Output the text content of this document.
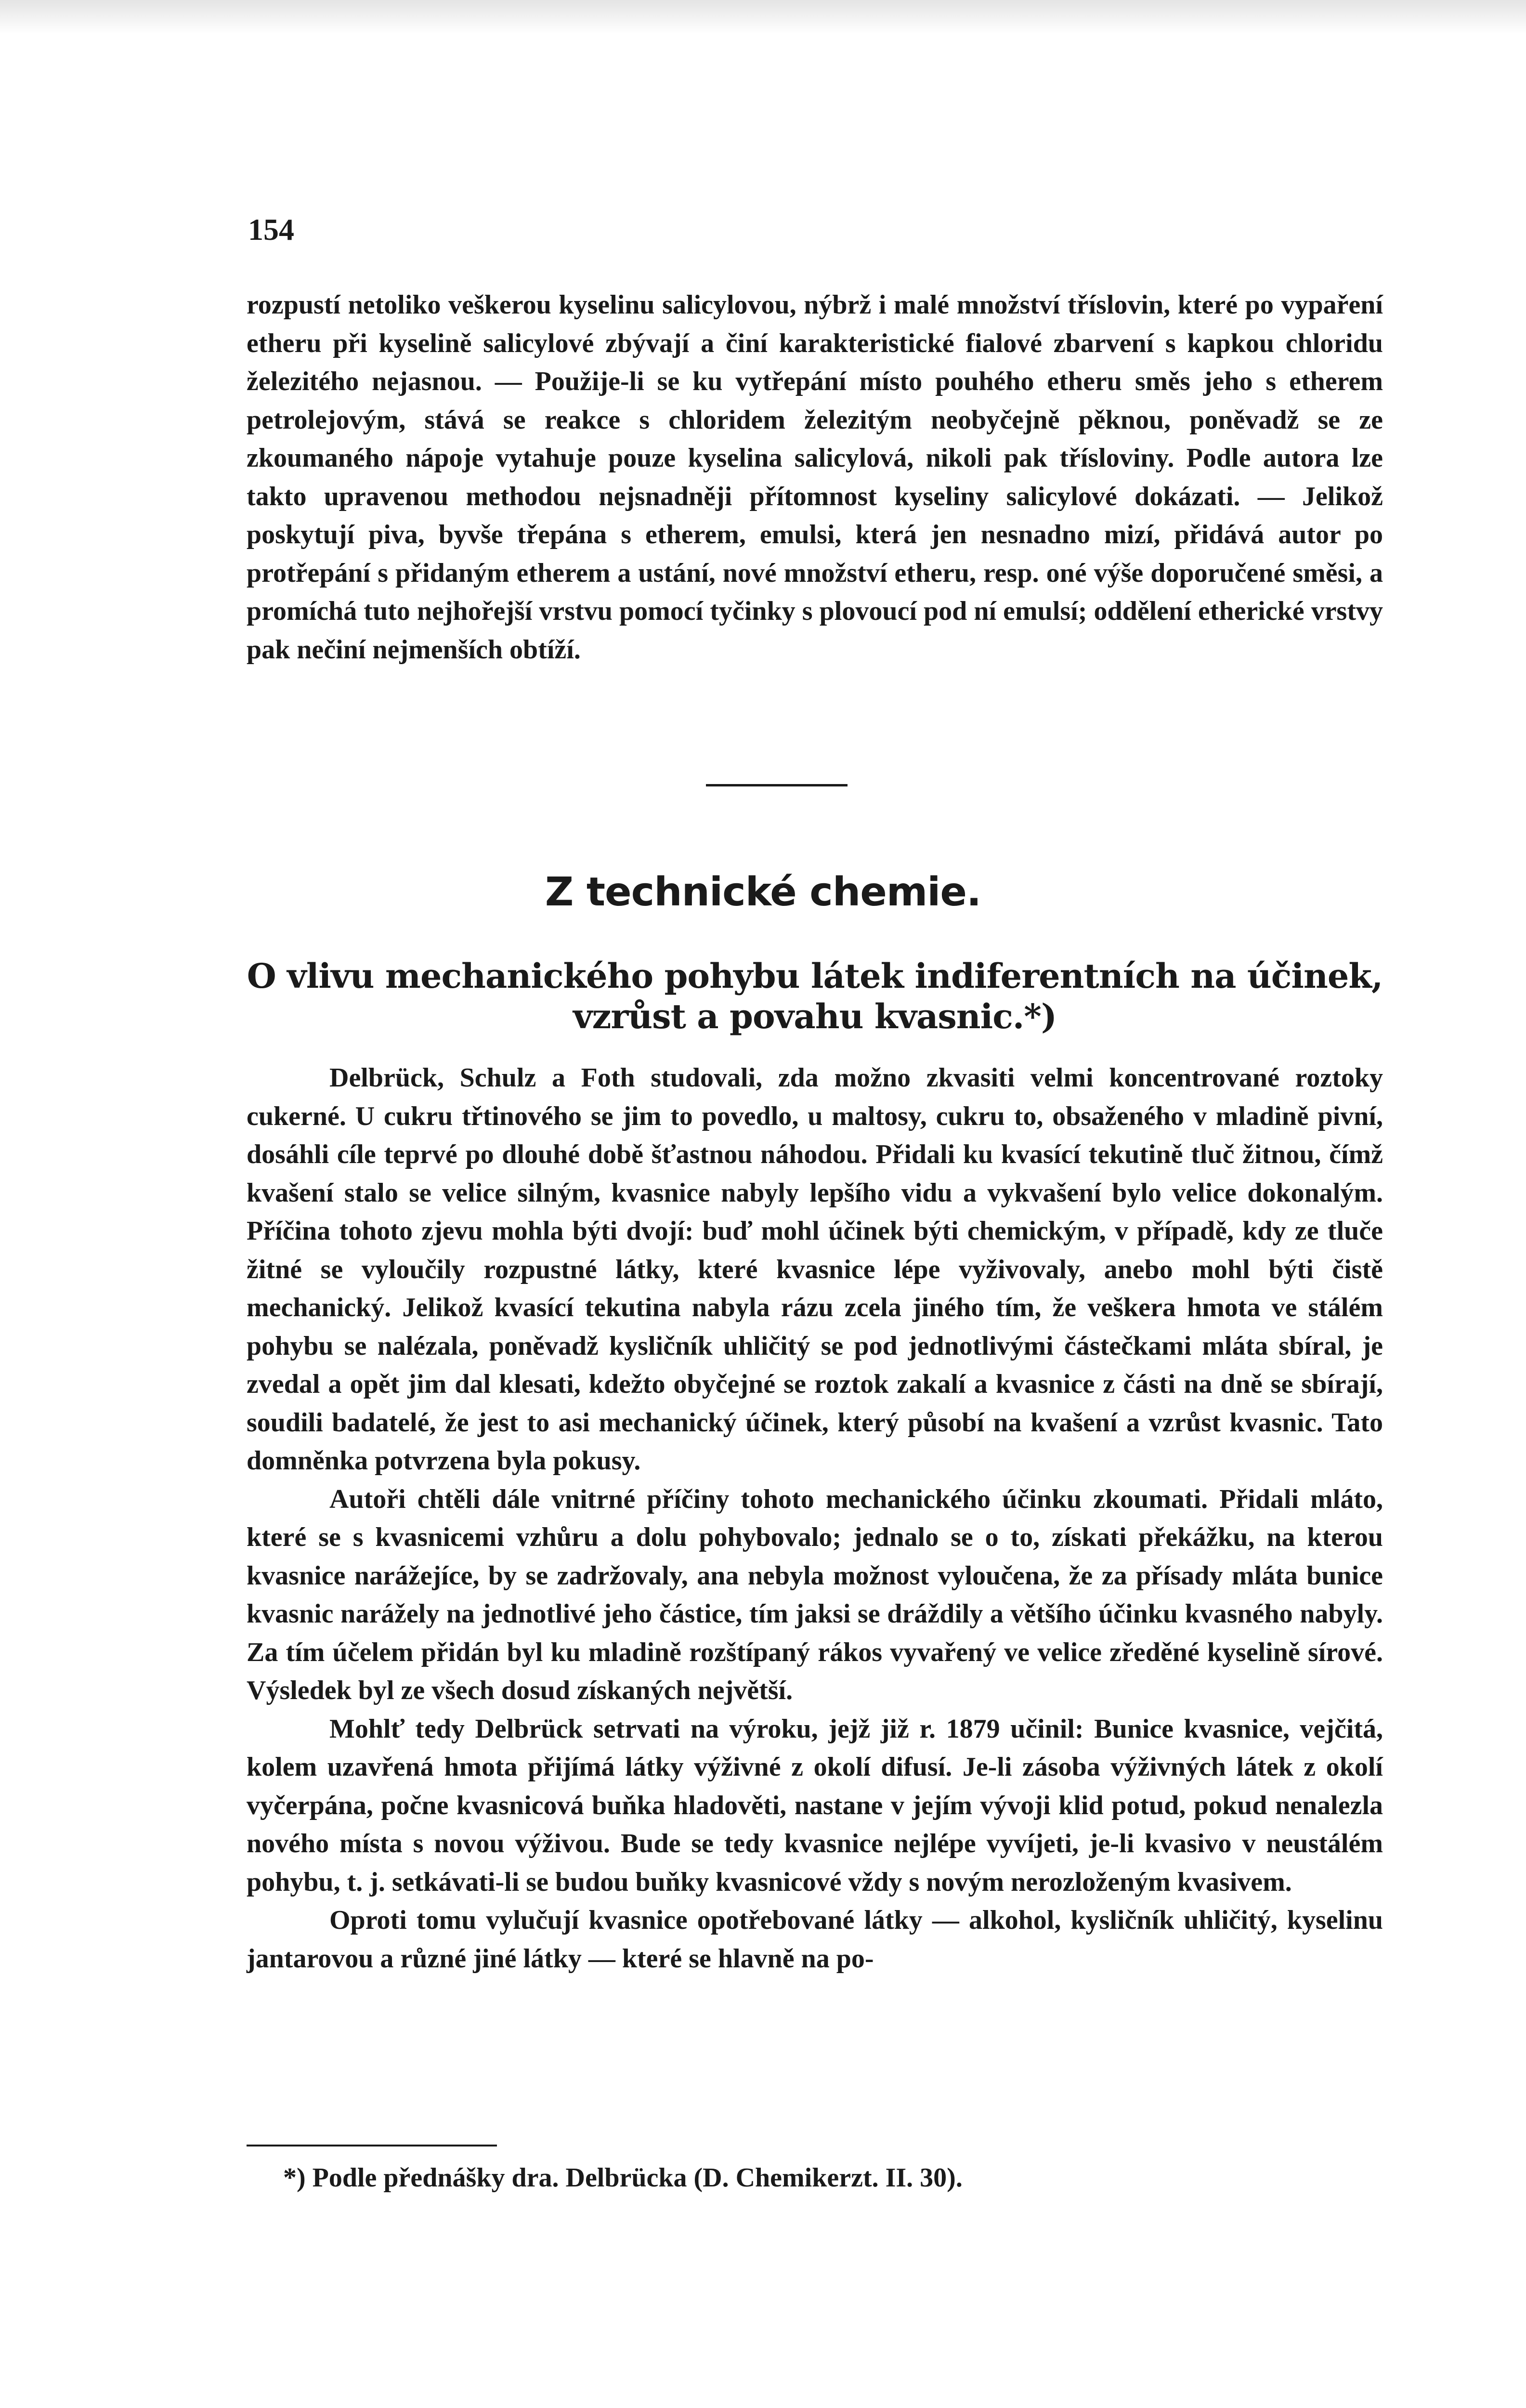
154

rozpustí netoliko veškerou kyselinu salicylovou, nýbrž i malé množství tříslovin, které po vypaření etheru při kyselině salicylové zbývají a činí karakteristické fialové zbarvení s kapkou chloridu železitého nejasnou. — Použije-li se ku vytřepání místo pouhého etheru směs jeho s etherem petrolejovým, stává se reakce s chloridem železitým neobyčejně pěknou, poněvadž se ze zkoumaného nápoje vytahuje pouze kyselina salicylová, nikoli pak třísloviny. Podle autora lze takto upravenou methodou nejsnadněji přítomnost kyseliny salicylové dokázati. — Jelikož poskytují piva, byvše třepána s etherem, emulsi, která jen nesnadno mizí, přidává autor po protřepání s přidaným etherem a ustání, nové množství etheru, resp. oné výše doporučené směsi, a promíchá tuto nejhořejší vrstvu pomocí tyčinky s plovoucí pod ní emulsí; oddělení etherické vrstvy pak nečiní nejmenších obtíží.

Z technické chemie.
O vlivu mechanického pohybu látek indiferentních na účinek,
vzrůst a povahu kvasnic.*)

Delbrück, Schulz a Foth studovali, zda možno zkvasiti velmi koncentrované roztoky cukerné. U cukru třtinového se jim to povedlo, u maltosy, cukru to, obsaženého v mladině pivní, dosáhli cíle teprvé po dlouhé době šťastnou náhodou. Přidali ku kvasící tekutině tluč žitnou, čímž kvašení stalo se velice silným, kvasnice nabyly lepšího vidu a vykvašení bylo velice dokonalým. Příčina tohoto zjevu mohla býti dvojí: buď mohl účinek býti chemickým, v případě, kdy ze tluče žitné se vyloučily rozpustné látky, které kvasnice lépe vyživovaly, anebo mohl býti čistě mechanický. Jelikož kvasící tekutina nabyla rázu zcela jiného tím, že veškera hmota ve stálém pohybu se nalézala, poněvadž kysličník uhličitý se pod jednotlivými částečkami mláta sbíral, je zvedal a opět jim dal klesati, kdežto obyčejné se roztok zakalí a kvasnice z části na dně se sbírají, soudili badatelé, že jest to asi mechanický účinek, který působí na kvašení a vzrůst kvasnic. Tato domněnka potvrzena byla pokusy.

Autoři chtěli dále vnitrné příčiny tohoto mechanického účinku zkoumati. Přidali mláto, které se s kvasnicemi vzhůru a dolu pohybovalo; jednalo se o to, získati překážku, na kterou kvasnice narážejíce, by se zadržovaly, ana nebyla možnost vyloučena, že za přísady mláta bunice kvasnic narážely na jednotlivé jeho částice, tím jaksi se dráždily a většího účinku kvasného nabyly. Za tím účelem přidán byl ku mladině rozštípaný rákos vyvařený ve velice zředěné kyselině sírové. Výsledek byl ze všech dosud získaných největší.

Mohlť tedy Delbrück setrvati na výroku, jejž již r. 1879 učinil: Bunice kvasnice, vejčitá, kolem uzavřená hmota přijímá látky výživné z okolí difusí. Je-li zásoba výživných látek z okolí vyčerpána, počne kvasnicová buňka hladověti, nastane v jejím vývoji klid potud, pokud nenalezla nového místa s novou výživou. Bude se tedy kvasnice nejlépe vyvíjeti, je-li kvasivo v neustálém pohybu, t. j. setkávati-li se budou buňky kvasnicové vždy s novým nerozloženým kvasivem.

Oproti tomu vylučují kvasnice opotřebované látky — alkohol, kysličník uhličitý, kyselinu jantarovou a různé jiné látky — které se hlavně na po-

*) Podle přednášky dra. Delbrücka (D. Chemikerzt. II. 30).
